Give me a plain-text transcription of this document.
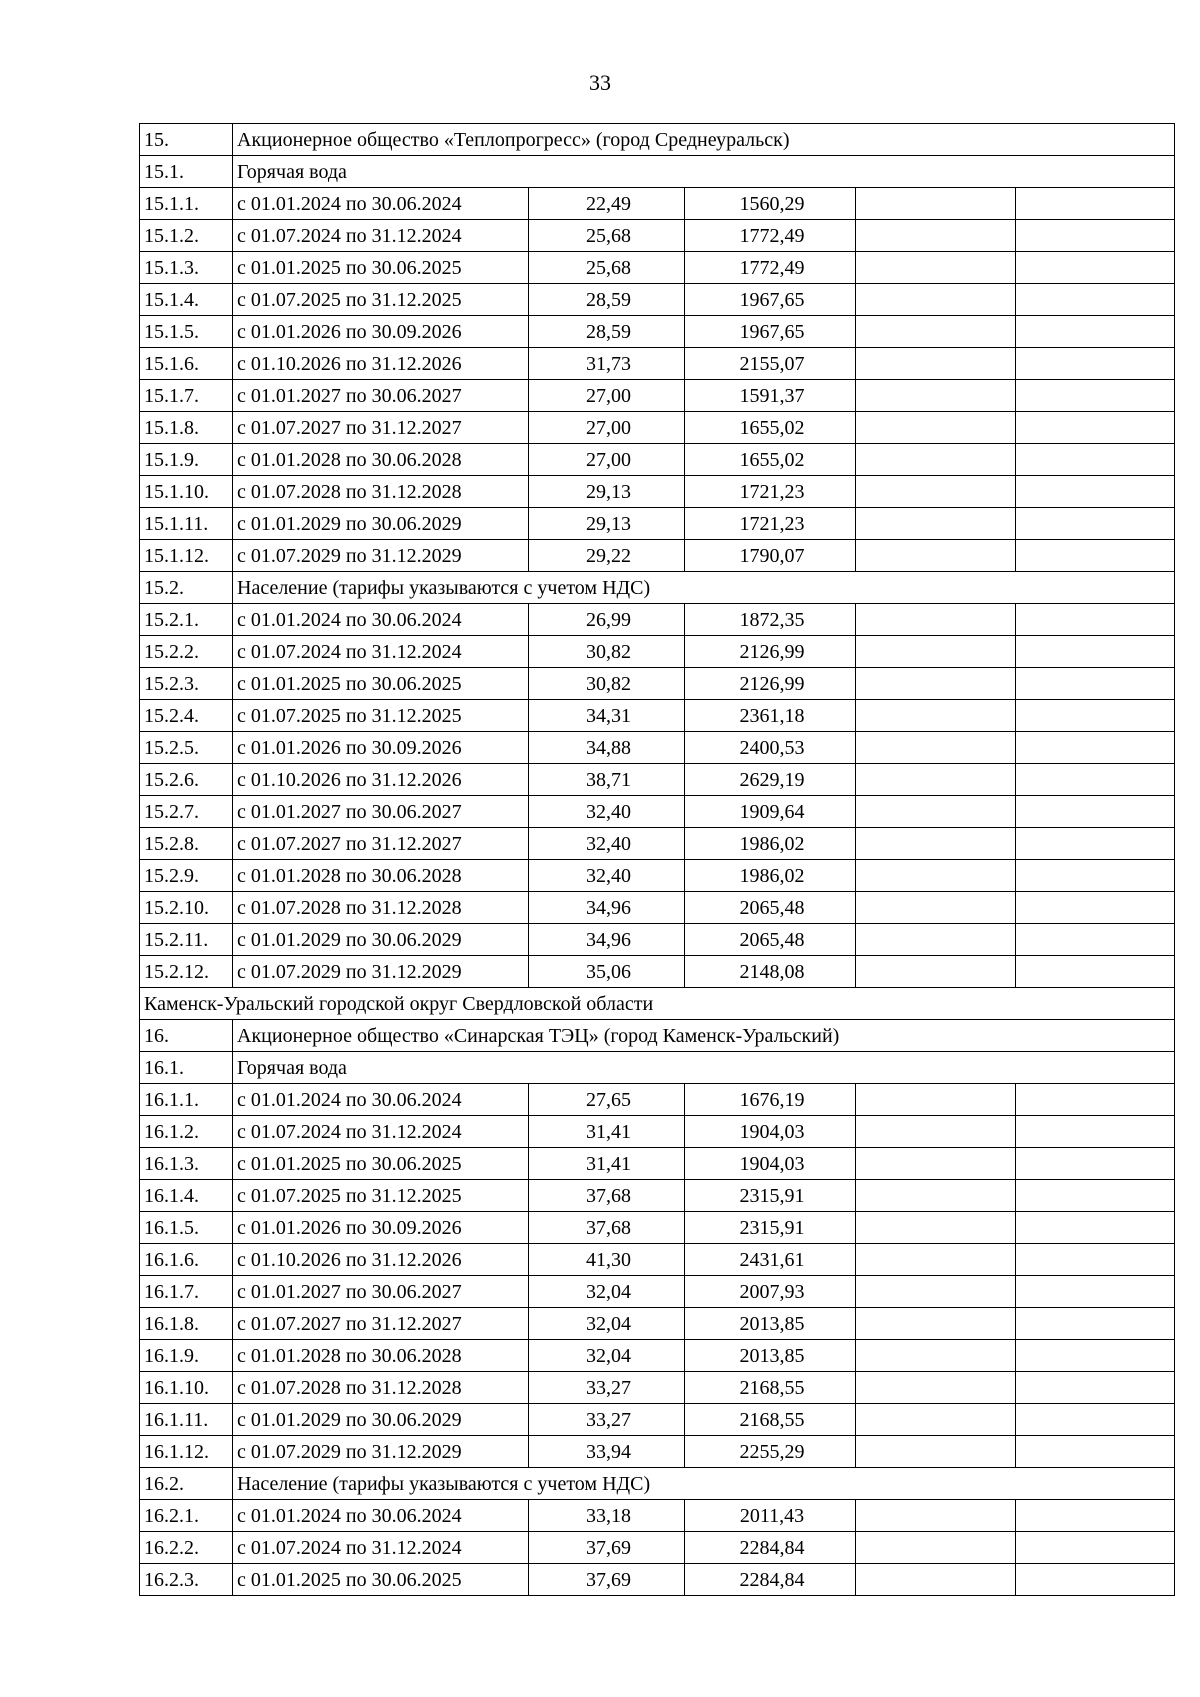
33
15.	Акционерное общество «Теплопрогресс» (город Среднеуральск)				
15.1.	Горячая вода				
15.1.1.	с 01.01.2024 по 30.06.2024	22,49	1560,29		
15.1.2.	с 01.07.2024 по 31.12.2024	25,68	1772,49		
15.1.3.	с 01.01.2025 по 30.06.2025	25,68	1772,49		
15.1.4.	с 01.07.2025 по 31.12.2025	28,59	1967,65		
15.1.5.	с 01.01.2026 по 30.09.2026	28,59	1967,65		
15.1.6.	с 01.10.2026 по 31.12.2026	31,73	2155,07		
15.1.7.	с 01.01.2027 по 30.06.2027	27,00	1591,37		
15.1.8.	с 01.07.2027 по 31.12.2027	27,00	1655,02		
15.1.9.	с 01.01.2028 по 30.06.2028	27,00	1655,02		
15.1.10.	с 01.07.2028 по 31.12.2028	29,13	1721,23		
15.1.11.	с 01.01.2029 по 30.06.2029	29,13	1721,23		
15.1.12.	с 01.07.2029 по 31.12.2029	29,22	1790,07		
15.2.	Население (тарифы указываются с учетом НДС)				
15.2.1.	с 01.01.2024 по 30.06.2024	26,99	1872,35		
15.2.2.	с 01.07.2024 по 31.12.2024	30,82	2126,99		
15.2.3.	с 01.01.2025 по 30.06.2025	30,82	2126,99		
15.2.4.	с 01.07.2025 по 31.12.2025	34,31	2361,18		
15.2.5.	с 01.01.2026 по 30.09.2026	34,88	2400,53		
15.2.6.	с 01.10.2026 по 31.12.2026	38,71	2629,19		
15.2.7.	с 01.01.2027 по 30.06.2027	32,40	1909,64		
15.2.8.	с 01.07.2027 по 31.12.2027	32,40	1986,02		
15.2.9.	с 01.01.2028 по 30.06.2028	32,40	1986,02		
15.2.10.	с 01.07.2028 по 31.12.2028	34,96	2065,48		
15.2.11.	с 01.01.2029 по 30.06.2029	34,96	2065,48		
15.2.12.	с 01.07.2029 по 31.12.2029	35,06	2148,08		
Каменск-Уральский городской округ Свердловской области					
16.	Акционерное общество «Синарская ТЭЦ» (город Каменск-Уральский)				
16.1.	Горячая вода				
16.1.1.	с 01.01.2024 по 30.06.2024	27,65	1676,19		
16.1.2.	с 01.07.2024 по 31.12.2024	31,41	1904,03		
16.1.3.	с 01.01.2025 по 30.06.2025	31,41	1904,03		
16.1.4.	с 01.07.2025 по 31.12.2025	37,68	2315,91		
16.1.5.	с 01.01.2026 по 30.09.2026	37,68	2315,91		
16.1.6.	с 01.10.2026 по 31.12.2026	41,30	2431,61		
16.1.7.	с 01.01.2027 по 30.06.2027	32,04	2007,93		
16.1.8.	с 01.07.2027 по 31.12.2027	32,04	2013,85		
16.1.9.	с 01.01.2028 по 30.06.2028	32,04	2013,85		
16.1.10.	с 01.07.2028 по 31.12.2028	33,27	2168,55		
16.1.11.	с 01.01.2029 по 30.06.2029	33,27	2168,55		
16.1.12.	с 01.07.2029 по 31.12.2029	33,94	2255,29		
16.2.	Население (тарифы указываются с учетом НДС)				
16.2.1.	с 01.01.2024 по 30.06.2024	33,18	2011,43		
16.2.2.	с 01.07.2024 по 31.12.2024	37,69	2284,84		
16.2.3.	с 01.01.2025 по 30.06.2025	37,69	2284,84		
